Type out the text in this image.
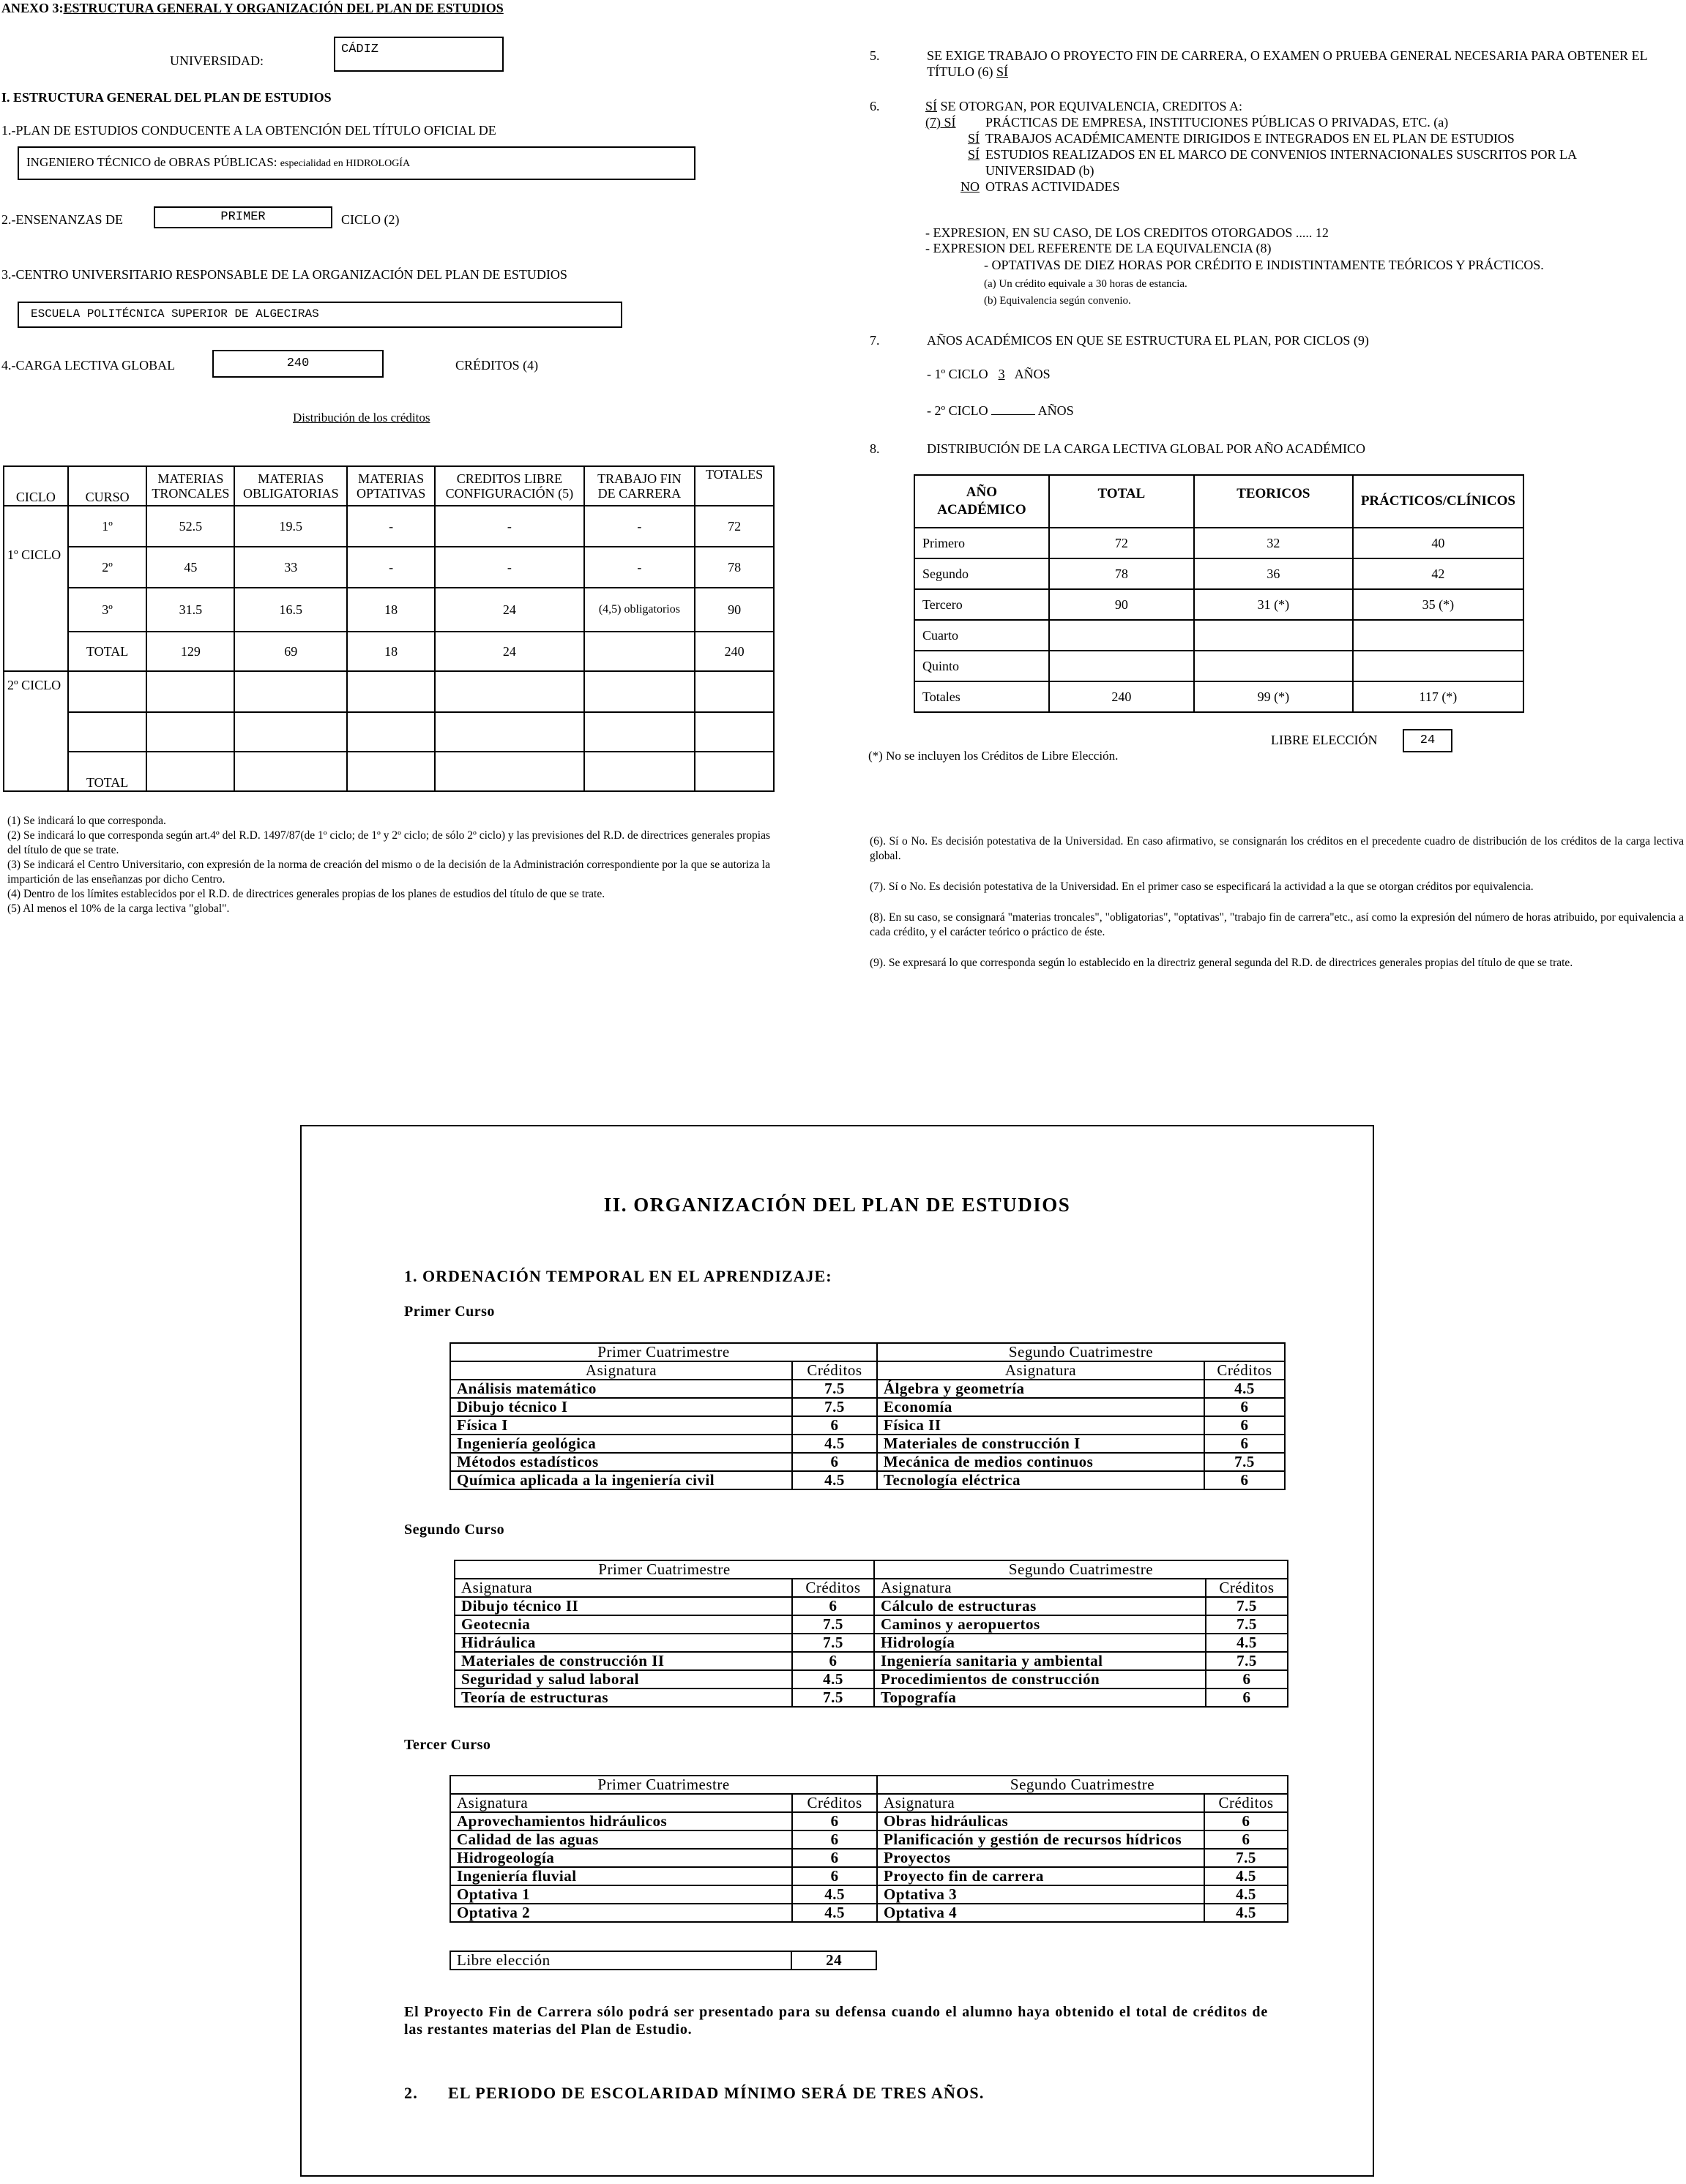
ANEXO 3:ESTRUCTURA GENERAL Y ORGANIZACIÓN DEL PLAN DE ESTUDIOS
UNIVERSIDAD:
CÁDIZ
I. ESTRUCTURA GENERAL DEL PLAN DE ESTUDIOS
1.-PLAN DE ESTUDIOS CONDUCENTE A LA OBTENCIÓN DEL TÍTULO OFICIAL DE
INGENIERO TÉCNICO de OBRAS PÚBLICAS: especialidad en HIDROLOGÍA
2.-ENSENANZAS DE	PRIMER	CICLO (2)
3.-CENTRO UNIVERSITARIO RESPONSABLE DE LA ORGANIZACIÓN DEL PLAN DE ESTUDIOS
ESCUELA POLITÉCNICA SUPERIOR DE ALGECIRAS
4.-CARGA LECTIVA GLOBAL	240	CRÉDITOS (4)
Distribución de los créditos
CICLO	CURSO	MATERIAS TRONCALES	MATERIAS OBLIGATORIAS	MATERIAS OPTATIVAS	CREDITOS LIBRE CONFIGURACIÓN (5)	TRABAJO FIN DE CARRERA	TOTALES
1º CICLO	1º	52.5	19.5	-	-	-	72
	2º	45	33	-	-	-	78
	3º	31.5	16.5	18	24	(4,5) obligatorios	90
	TOTAL	129	69	18	24		240
2º CICLO							

	TOTAL						
(1) Se indicará lo que corresponda.
(2) Se indicará lo que corresponda según art.4º del R.D. 1497/87(de 1º ciclo; de 1º y 2º ciclo; de sólo 2º ciclo) y las previsiones del R.D. de directrices generales propias del título de que se trate.
(3) Se indicará el Centro Universitario, con expresión de la norma de creación del mismo o de la decisión de la Administración correspondiente por la que se autoriza la impartición de las enseñanzas por dicho Centro.
(4) Dentro de los límites establecidos por el R.D. de directrices generales propias de los planes de estudios del título de que se trate.
(5) Al menos el 10% de la carga lectiva "global".
5.	SE EXIGE TRABAJO O PROYECTO FIN DE CARRERA, O EXAMEN O PRUEBA GENERAL NECESARIA PARA OBTENER EL TÍTULO (6) SÍ
6.	SÍ SE OTORGAN, POR EQUIVALENCIA, CREDITOS A:
(7) SÍ	PRÁCTICAS DE EMPRESA, INSTITUCIONES PÚBLICAS O PRIVADAS, ETC. (a)
SÍ TRABAJOS ACADÉMICAMENTE DIRIGIDOS E INTEGRADOS EN EL PLAN DE ESTUDIOS
SÍ ESTUDIOS REALIZADOS EN EL MARCO DE CONVENIOS INTERNACIONALES SUSCRITOS POR LA UNIVERSIDAD (b)
NO OTRAS ACTIVIDADES
- EXPRESION, EN SU CASO, DE LOS CREDITOS OTORGADOS ..... 12
- EXPRESION DEL REFERENTE DE LA EQUIVALENCIA (8)
- OPTATIVAS DE DIEZ HORAS POR CRÉDITO E INDISTINTAMENTE TEÓRICOS Y PRÁCTICOS.
(a) Un crédito equivale a 30 horas de estancia.
(b) Equivalencia según convenio.
7.	AÑOS ACADÉMICOS EN QUE SE ESTRUCTURA EL PLAN, POR CICLOS (9)
- 1º CICLO 3 AÑOS
- 2º CICLO	AÑOS
8.	DISTRIBUCIÓN DE LA CARGA LECTIVA GLOBAL POR AÑO ACADÉMICO
AÑO ACADÉMICO	TOTAL	TEORICOS	PRÁCTICOS/CLÍNICOS
Primero	72	32	40
Segundo	78	36	42
Tercero	90	31 (*)	35 (*)
Cuarto			
Quinto			
Totales	240	99 (*)	117 (*)
(*) No se incluyen los Créditos de Libre Elección.
LIBRE ELECCIÓN	24
(6). Sí o No. Es decisión potestativa de la Universidad. En caso afirmativo, se consignarán los créditos en el precedente cuadro de distribución de los créditos de la carga lectiva global.
(7). Sí o No. Es decisión potestativa de la Universidad. En el primer caso se especificará la actividad a la que se otorgan créditos por equivalencia.
(8). En su caso, se consignará "materias troncales", "obligatorias", "optativas", "trabajo fin de carrera"etc., así como la expresión del número de horas atribuido, por equivalencia a cada crédito, y el carácter teórico o práctico de éste.
(9). Se expresará lo que corresponda según lo establecido en la directriz general segunda del R.D. de directrices generales propias del título de que se trate.
II. ORGANIZACIÓN DEL PLAN DE ESTUDIOS
1. ORDENACIÓN TEMPORAL EN EL APRENDIZAJE:
Primer Curso
Primer Cuatrimestre		Segundo Cuatrimestre	
Asignatura	Créditos	Asignatura	Créditos
Análisis matemático	7.5	Álgebra y geometría	4.5
Dibujo técnico I	7.5	Economía	6
Física I	6	Física II	6
Ingeniería geológica	4.5	Materiales de construcción I	6
Métodos estadísticos	6	Mecánica de medios continuos	7.5
Química aplicada a la ingeniería civil	4.5	Tecnología eléctrica	6
Segundo Curso
Primer Cuatrimestre		Segundo Cuatrimestre	
Asignatura	Créditos	Asignatura	Créditos
Dibujo técnico II	6	Cálculo de estructuras	7.5
Geotecnia	7.5	Caminos y aeropuertos	7.5
Hidráulica	7.5	Hidrología	4.5
Materiales de construcción II	6	Ingeniería sanitaria y ambiental	7.5
Seguridad y salud laboral	4.5	Procedimientos de construcción	6
Teoría de estructuras	7.5	Topografía	6
Tercer Curso
Primer Cuatrimestre		Segundo Cuatrimestre	
Asignatura	Créditos	Asignatura	Créditos
Aprovechamientos hidráulicos	6	Obras hidráulicas	6
Calidad de las aguas	6	Planificación y gestión de recursos hídricos	6
Hidrogeología	6	Proyectos	7.5
Ingeniería fluvial	6	Proyecto fin de carrera	4.5
Optativa 1	4.5	Optativa 3	4.5
Optativa 2	4.5	Optativa 4	4.5
Libre elección	24
El Proyecto Fin de Carrera sólo podrá ser presentado para su defensa cuando el alumno haya obtenido el total de créditos de las restantes materias del Plan de Estudio.
2. EL PERIODO DE ESCOLARIDAD MÍNIMO SERÁ DE TRES AÑOS.
